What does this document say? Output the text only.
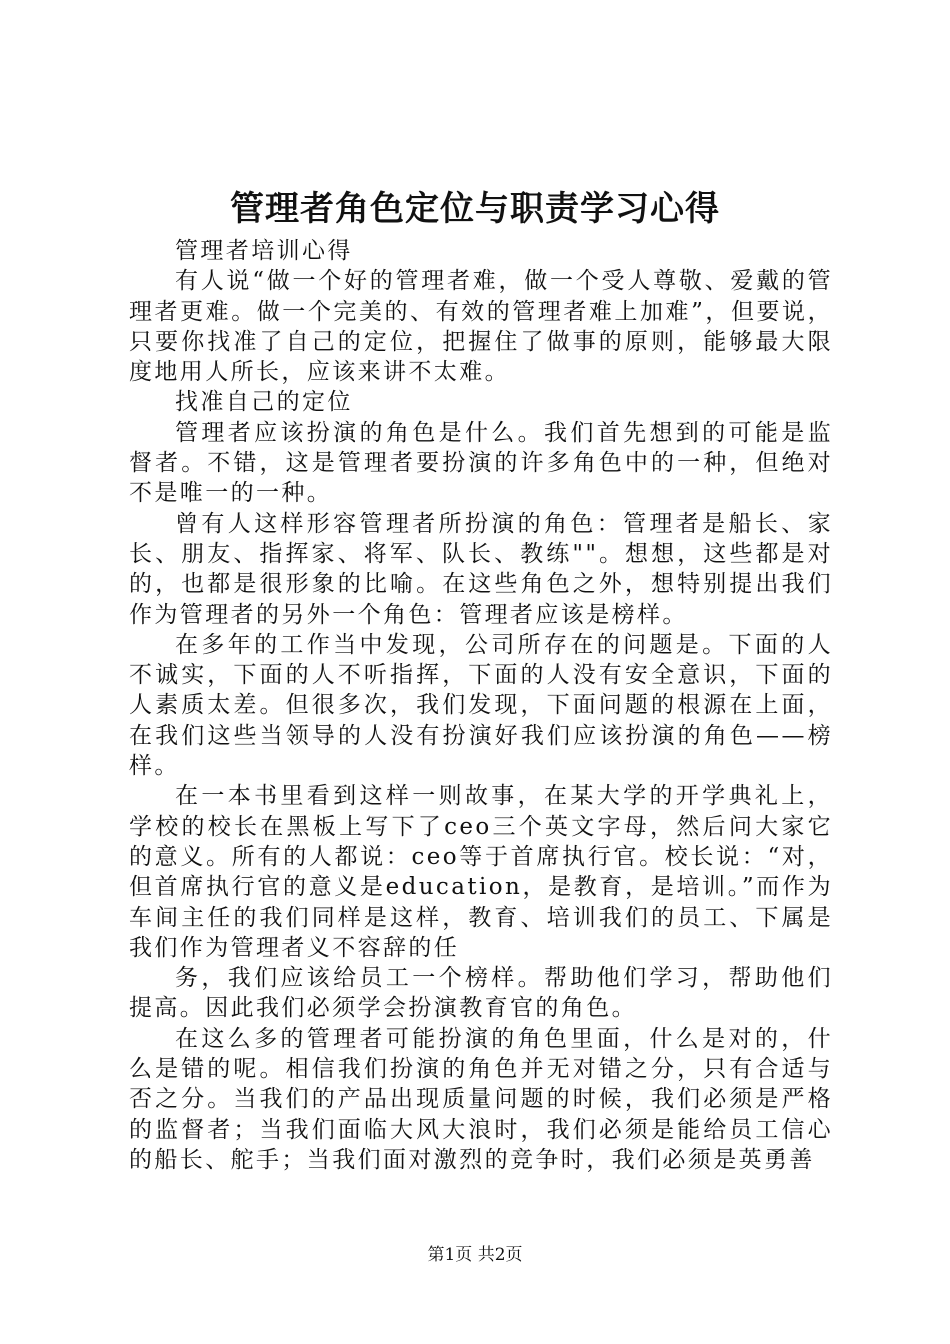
管理者角色定位与职责学习心得

管理者培训心得

有人说“做一个好的管理者难，做一个受人尊敬、爱戴的管理者更难。做一个完美的、有效的管理者难上加难”，但要说，只要你找准了自己的定位，把握住了做事的原则，能够最大限度地用人所长，应该来讲不太难。

找准自己的定位

管理者应该扮演的角色是什么。我们首先想到的可能是监督者。不错，这是管理者要扮演的许多角色中的一种，但绝对不是唯一的一种。

曾有人这样形容管理者所扮演的角色：管理者是船长、家长、朋友、指挥家、将军、队长、教练""。想想，这些都是对的，也都是很形象的比喻。在这些角色之外，想特别提出我们作为管理者的另外一个角色：管理者应该是榜样。

在多年的工作当中发现，公司所存在的问题是。下面的人不诚实，下面的人不听指挥，下面的人没有安全意识，下面的人素质太差。但很多次，我们发现，下面问题的根源在上面，在我们这些当领导的人没有扮演好我们应该扮演的角色——榜样。

在一本书里看到这样一则故事，在某大学的开学典礼上，学校的校长在黑板上写下了ceo三个英文字母，然后问大家它的意义。所有的人都说：ceo等于首席执行官。校长说：“对，但首席执行官的意义是education，是教育，是培训。”而作为车间主任的我们同样是这样，教育、培训我们的员工、下属是我们作为管理者义不容辞的任

务，我们应该给员工一个榜样。帮助他们学习，帮助他们提高。因此我们必须学会扮演教育官的角色。

在这么多的管理者可能扮演的角色里面，什么是对的，什么是错的呢。相信我们扮演的角色并无对错之分，只有合适与否之分。当我们的产品出现质量问题的时候，我们必须是严格的监督者；当我们面临大风大浪时，我们必须是能给员工信心的船长、舵手；当我们面对激烈的竞争时，我们必须是英勇善

第1页 共2页
